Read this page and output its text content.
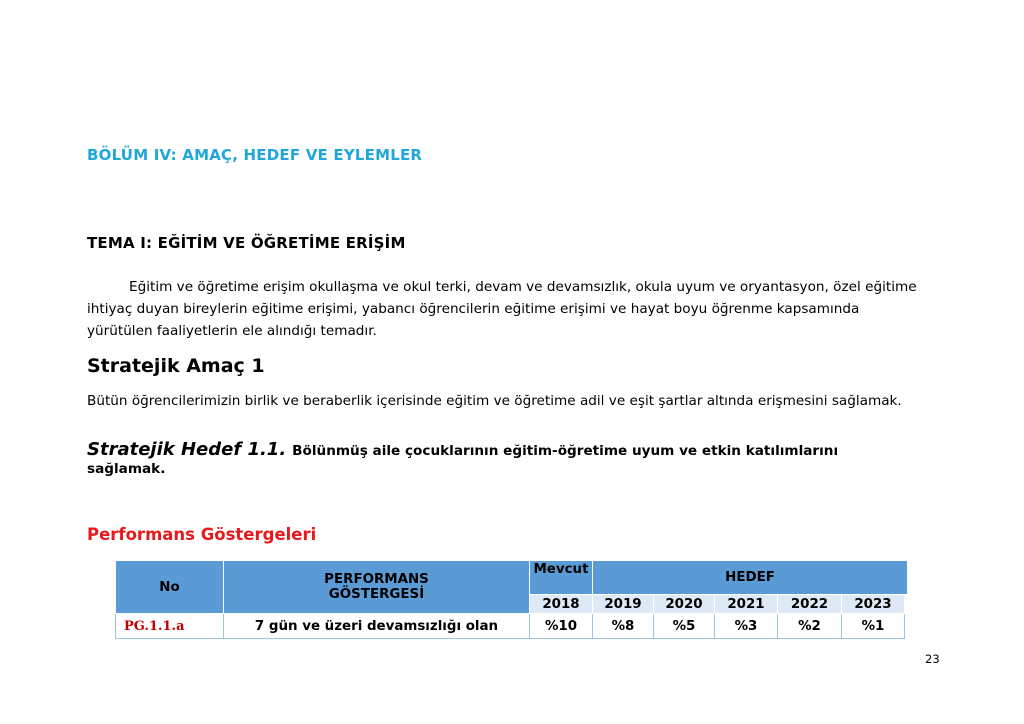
BÖLÜM IV: AMAÇ, HEDEF VE EYLEMLER
TEMA I: EĞİTİM VE ÖĞRETİME ERİŞİM
Eğitim ve öğretime erişim okullaşma ve okul terki, devam ve devamsızlık, okula uyum ve oryantasyon, özel eğitime ihtiyaç duyan bireylerin eğitime erişimi, yabancı öğrencilerin eğitime erişimi ve hayat boyu öğrenme kapsamında yürütülen faaliyetlerin ele alındığı temadır.
Stratejik Amaç 1
Bütün öğrencilerimizin birlik ve beraberlik içerisinde eğitim ve öğretime adil ve eşit şartlar altında erişmesini sağlamak.
Stratejik Hedef 1.1. Bölünmüş aile çocuklarının eğitim-öğretime uyum ve etkin katılımlarını sağlamak.
Performans Göstergeleri
No	PERFORMANS GÖSTERGESİ	Mevcut	HEDEF				
		2018	2019	2020	2021	2022	2023
PG.1.1.a	7 gün ve üzeri devamsızlığı olan	%10	%8	%5	%3	%2	%1
23
